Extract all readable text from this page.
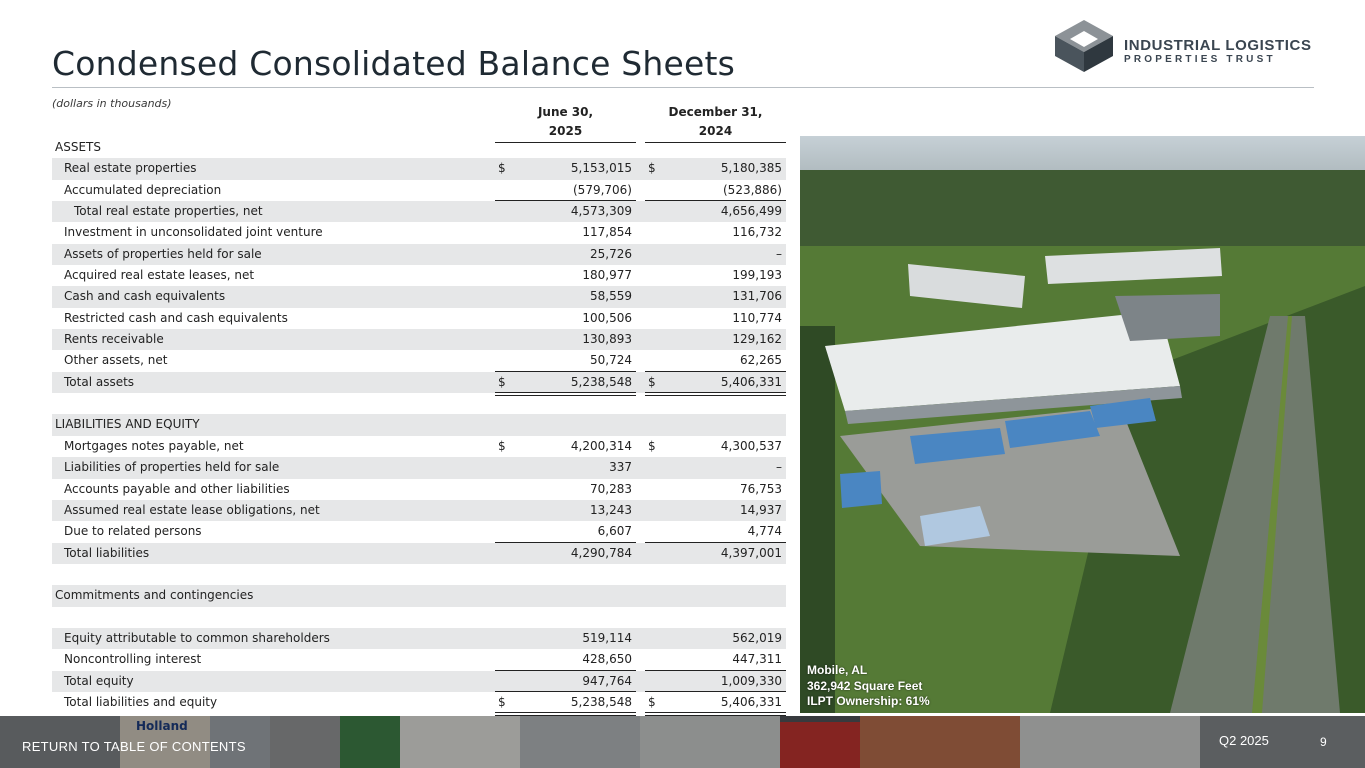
Condensed Consolidated Balance Sheets	INDUSTRIAL LOGISTICS
PROPERTIES TRUST
(dollars in thousands)
June 30,
2025
December 31,
2024
ASSETS
Real estate properties	$	5,153,015 $	5,180,385
Accumulated depreciation	(579,706)	(523,886)
Total real estate properties, net	4,573,309	4,656,499
Investment in unconsolidated joint venture	117,854	116,732
Assets of properties held for sale	25,726	–
Acquired real estate leases, net	180,977	199,193
Cash and cash equivalents	58,559	131,706
Restricted cash and cash equivalents	100,506	110,774
Rents receivable	130,893	129,162
Other assets, net	50,724	62,265
Total assets	$	5,238,548 $	5,406,331
LIABILITIES AND EQUITY
Mortgages notes payable, net	$	4,200,314 $	4,300,537
Liabilities of properties held for sale	337	–
Accounts payable and other liabilities	70,283	76,753
Assumed real estate lease obligations, net	13,243	14,937
Due to related persons	6,607	4,774
Total liabilities	4,290,784	4,397,001
Commitments and contingencies
Equity attributable to common shareholders	519,114	562,019
Noncontrolling interest	428,650	447,311
Total equity	947,764	1,009,330
Total liabilities and equity	$	5,238,548 $	5,406,331
Mobile, AL
362,942 Square Feet
ILPT Ownership: 61%
Holland
RETURN TO TABLE OF CONTENTS	Q2 2025	9
